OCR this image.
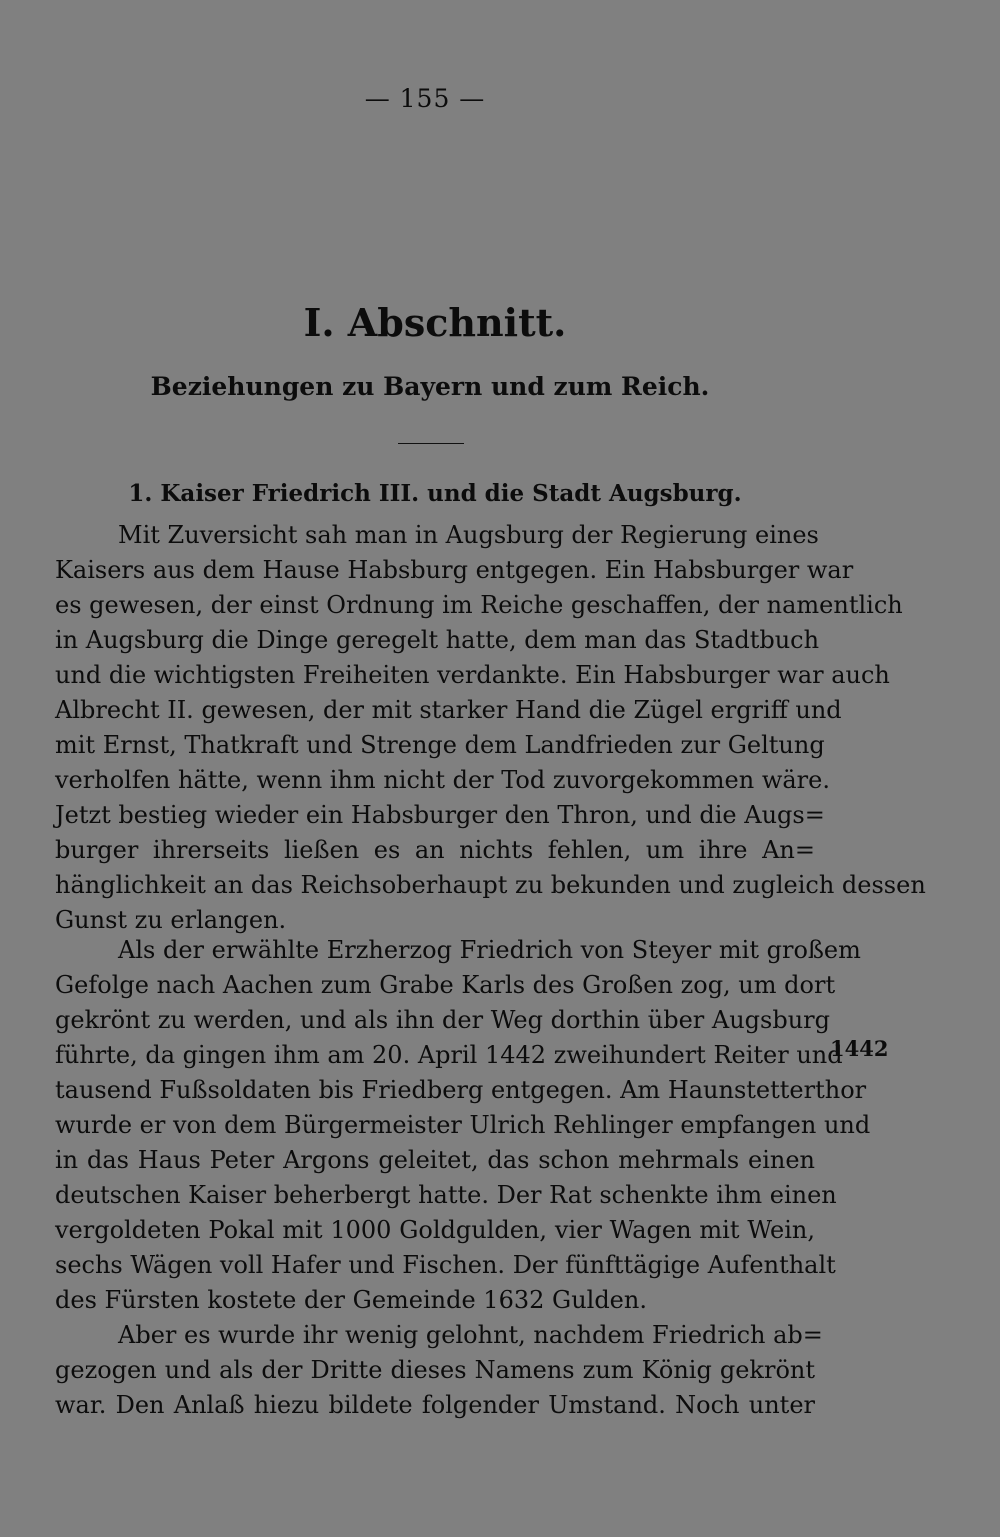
— 155 —
I. Abschnitt.
Beziehungen zu Bayern und zum Reich.
1. Kaiser Friedrich III. und die Stadt Augsburg.
Mit Zuversicht sah man in Augsburg der Regierung eines
Kaisers aus dem Hause Habsburg entgegen. Ein Habsburger war
es gewesen, der einst Ordnung im Reiche geschaffen, der namentlich
in Augsburg die Dinge geregelt hatte, dem man das Stadtbuch
und die wichtigsten Freiheiten verdankte. Ein Habsburger war auch
Albrecht II. gewesen, der mit starker Hand die Zügel ergriff und
mit Ernst, Thatkraft und Strenge dem Landfrieden zur Geltung
verholfen hätte, wenn ihm nicht der Tod zuvorgekommen wäre.
Jetzt bestieg wieder ein Habsburger den Thron, und die Augs=
burger ihrerseits ließen es an nichts fehlen, um ihre An=
hänglichkeit an das Reichsoberhaupt zu bekunden und zugleich dessen
Gunst zu erlangen.
Als der erwählte Erzherzog Friedrich von Steyer mit großem
Gefolge nach Aachen zum Grabe Karls des Großen zog, um dort
gekrönt zu werden, und als ihn der Weg dorthin über Augsburg
führte, da gingen ihm am 20. April 1442 zweihundert Reiter und
tausend Fußsoldaten bis Friedberg entgegen. Am Haunstetterthor
wurde er von dem Bürgermeister Ulrich Rehlinger empfangen und
in das Haus Peter Argons geleitet, das schon mehrmals einen
deutschen Kaiser beherbergt hatte. Der Rat schenkte ihm einen
vergoldeten Pokal mit 1000 Goldgulden, vier Wagen mit Wein,
sechs Wägen voll Hafer und Fischen. Der fünfttägige Aufenthalt
des Fürsten kostete der Gemeinde 1632 Gulden.
Aber es wurde ihr wenig gelohnt, nachdem Friedrich ab=
gezogen und als der Dritte dieses Namens zum König gekrönt
war. Den Anlaß hiezu bildete folgender Umstand. Noch unter
1442
